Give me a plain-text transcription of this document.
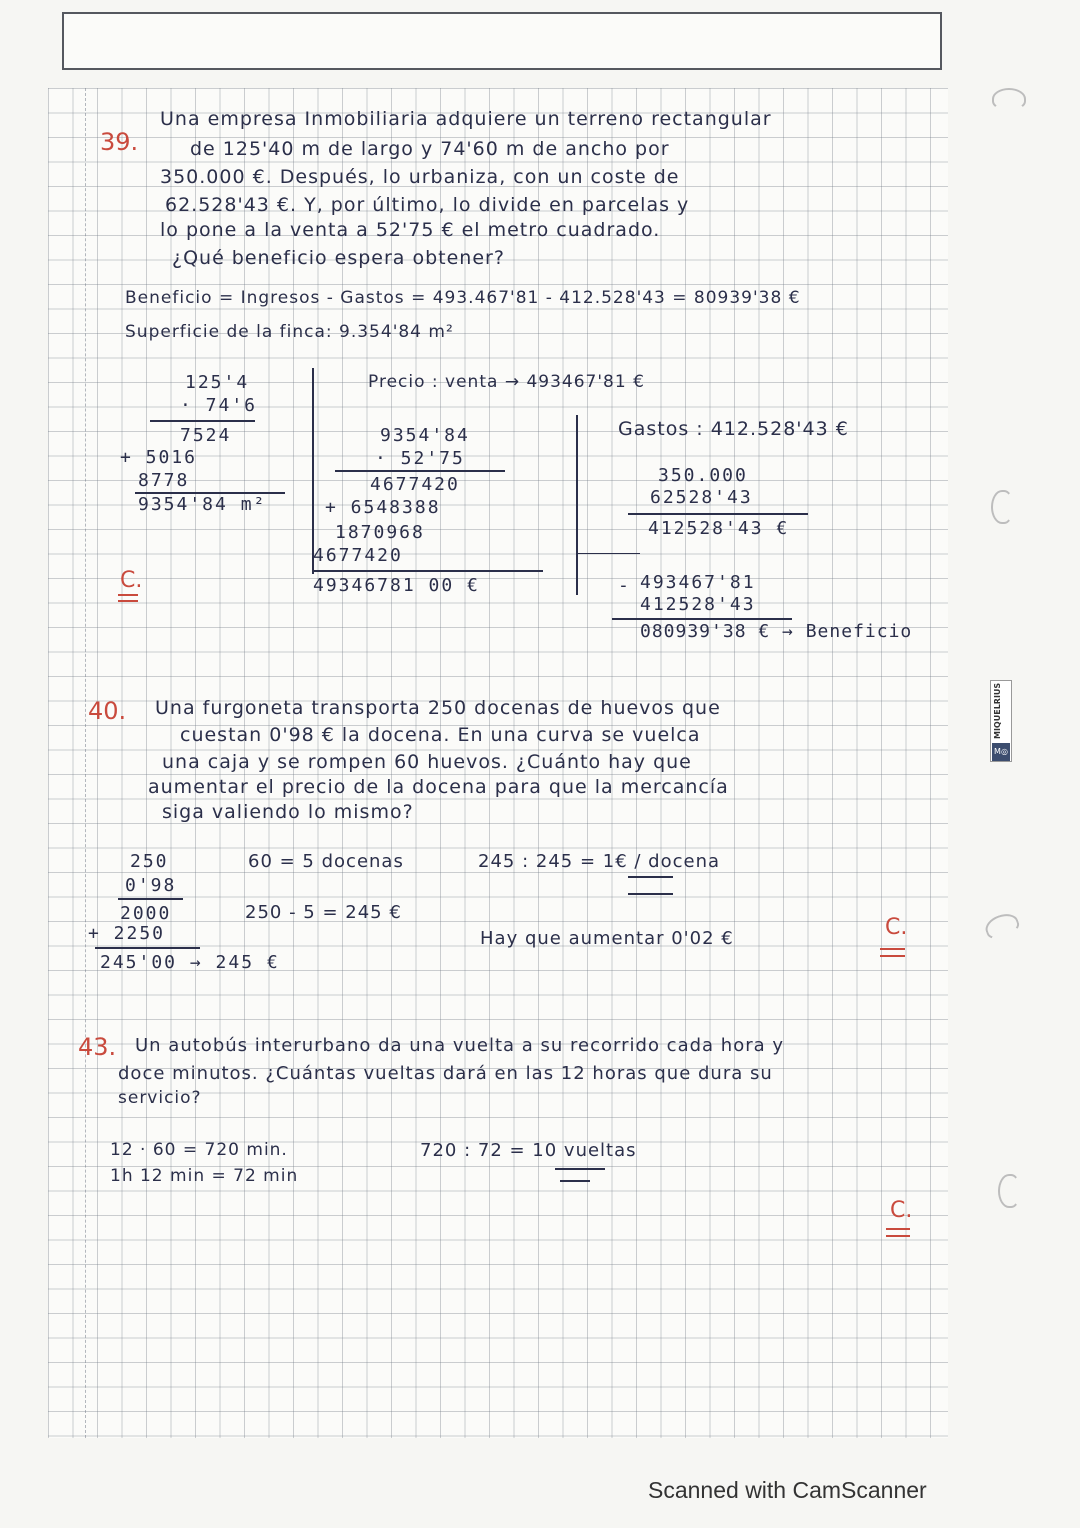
39.
Una empresa Inmobiliaria adquiere un terreno rectangular
de 125'40 m de largo y 74'60 m de ancho por
350.000 €. Después, lo urbaniza, con un coste de
62.528'43 €. Y, por último, lo divide en parcelas y
lo pone a la venta a 52'75 € el metro cuadrado.
¿Qué beneficio espera obtener?
Beneficio = Ingresos - Gastos = 493.467'81 - 412.528'43 = 80939'38 €
Superficie de la finca: 9.354'84 m²
125'4
· 74'6
7524
+ 5016
8778
9354'84 m²
Precio : venta → 493467'81 €
9354'84
· 52'75
4677420
+ 6548388
1870968
4677420
49346781 00 €
Gastos : 412.528'43 €
350.000
62528'43
412528'43 €
- 493467'81
412528'43
080939'38 € → Beneficio
C.
40. Una furgoneta transporta 250 docenas de huevos que
cuestan 0'98 € la docena. En una curva se vuelca
una caja y se rompen 60 huevos. ¿Cuánto hay que
aumentar el precio de la docena para que la mercancía
siga valiendo lo mismo?
250
0'98
2000
+ 2250
245'00 → 245 €
60 = 5 docenas
250 - 5 = 245 €
245 : 245 = 1€ / docena
Hay que aumentar 0'02 €	C.
43. Un autobús interurbano da una vuelta a su recorrido cada hora y
doce minutos. ¿Cuántas vueltas dará en las 12 horas que dura su
servicio?
12 · 60 = 720 min.
1h 12 min = 72 min
720 : 72 = 10 vueltas
C.
MIQUELRIUS
M◎
Scanned with CamScanner
